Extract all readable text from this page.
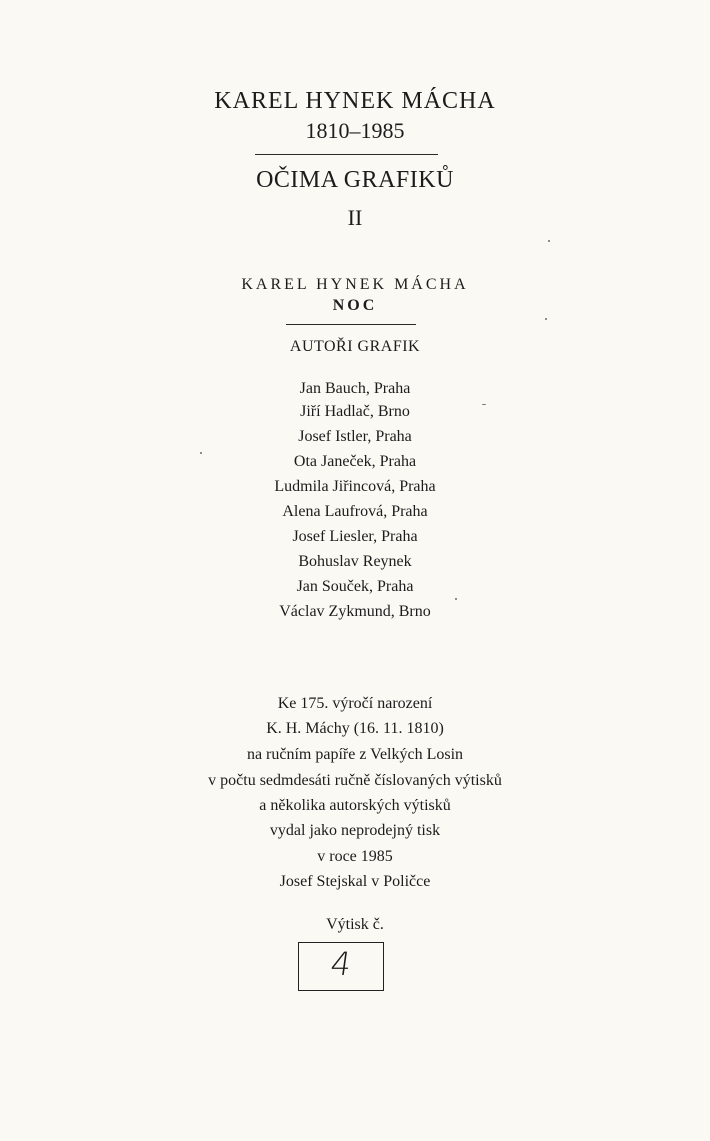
KAREL HYNEK MÁCHA
1810–1985
OČIMA GRAFIKŮ
II
KAREL HYNEK MÁCHA
NOC
AUTOŘI GRAFIK
Jan Bauch, Praha
Jiří Hadlač, Brno
Josef Istler, Praha
Ota Janeček, Praha
Ludmila Jiřincová, Praha
Alena Laufrová, Praha
Josef Liesler, Praha
Bohuslav Reynek
Jan Souček, Praha
Václav Zykmund, Brno
Ke 175. výročí narození
K. H. Máchy (16. 11. 1810)
na ručním papíře z Velkých Losin
v počtu sedmdesáti ručně číslovaných výtisků
a několika autorských výtisků
vydal jako neprodejný tisk
v roce 1985
Josef Stejskal v Poličce
Výtisk č.
4
